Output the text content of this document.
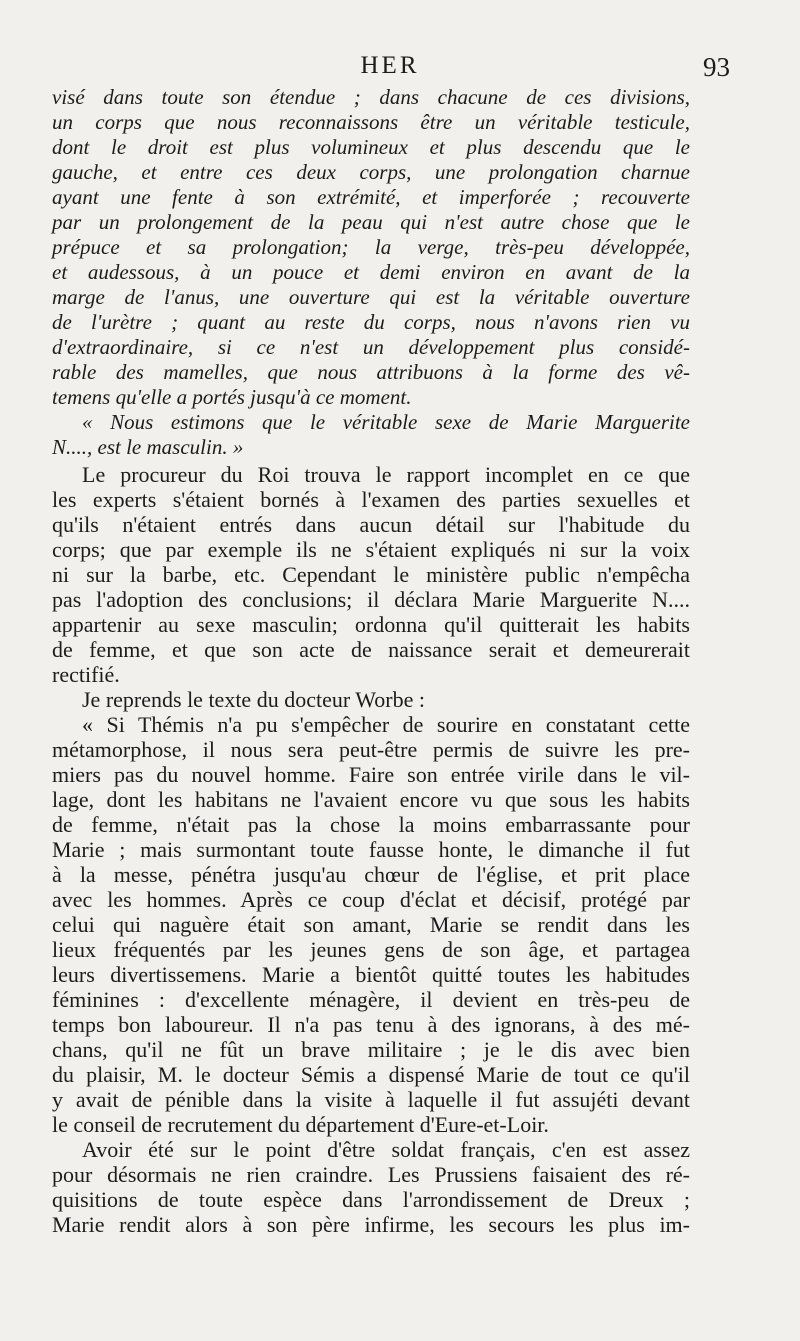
HER	93
visé dans toute son étendue ; dans chacune de ces divisions,
un corps que nous reconnaissons être un véritable testicule,
dont le droit est plus volumineux et plus descendu que le
gauche, et entre ces deux corps, une prolongation charnue
ayant une fente à son extrémité, et imperforée ; recouverte
par un prolongement de la peau qui n'est autre chose que le
prépuce et sa prolongation; la verge, très-peu développée,
et audessous, à un pouce et demi environ en avant de la
marge de l'anus, une ouverture qui est la véritable ouverture
de l'urètre ; quant au reste du corps, nous n'avons rien vu
d'extraordinaire, si ce n'est un développement plus considé-
rable des mamelles, que nous attribuons à la forme des vê-
temens qu'elle a portés jusqu'à ce moment.
« Nous estimons que le véritable sexe de Marie Marguerite
N...., est le masculin. »
Le procureur du Roi trouva le rapport incomplet en ce que
les experts s'étaient bornés à l'examen des parties sexuelles et
qu'ils n'étaient entrés dans aucun détail sur l'habitude du
corps; que par exemple ils ne s'étaient expliqués ni sur la voix
ni sur la barbe, etc. Cependant le ministère public n'empêcha
pas l'adoption des conclusions; il déclara Marie Marguerite N....
appartenir au sexe masculin; ordonna qu'il quitterait les habits
de femme, et que son acte de naissance serait et demeurerait
rectifié.
Je reprends le texte du docteur Worbe :
« Si Thémis n'a pu s'empêcher de sourire en constatant cette
métamorphose, il nous sera peut-être permis de suivre les pre-
miers pas du nouvel homme. Faire son entrée virile dans le vil-
lage, dont les habitans ne l'avaient encore vu que sous les habits
de femme, n'était pas la chose la moins embarrassante pour
Marie ; mais surmontant toute fausse honte, le dimanche il fut
à la messe, pénétra jusqu'au chœur de l'église, et prit place
avec les hommes. Après ce coup d'éclat et décisif, protégé par
celui qui naguère était son amant, Marie se rendit dans les
lieux fréquentés par les jeunes gens de son âge, et partagea
leurs divertissemens. Marie a bientôt quitté toutes les habitudes
féminines : d'excellente ménagère, il devient en très-peu de
temps bon laboureur. Il n'a pas tenu à des ignorans, à des mé-
chans, qu'il ne fût un brave militaire ; je le dis avec bien
du plaisir, M. le docteur Sémis a dispensé Marie de tout ce qu'il
y avait de pénible dans la visite à laquelle il fut assujéti devant
le conseil de recrutement du département d'Eure-et-Loir.
Avoir été sur le point d'être soldat français, c'en est assez
pour désormais ne rien craindre. Les Prussiens faisaient des ré-
quisitions de toute espèce dans l'arrondissement de Dreux ;
Marie rendit alors à son père infirme, les secours les plus im-
